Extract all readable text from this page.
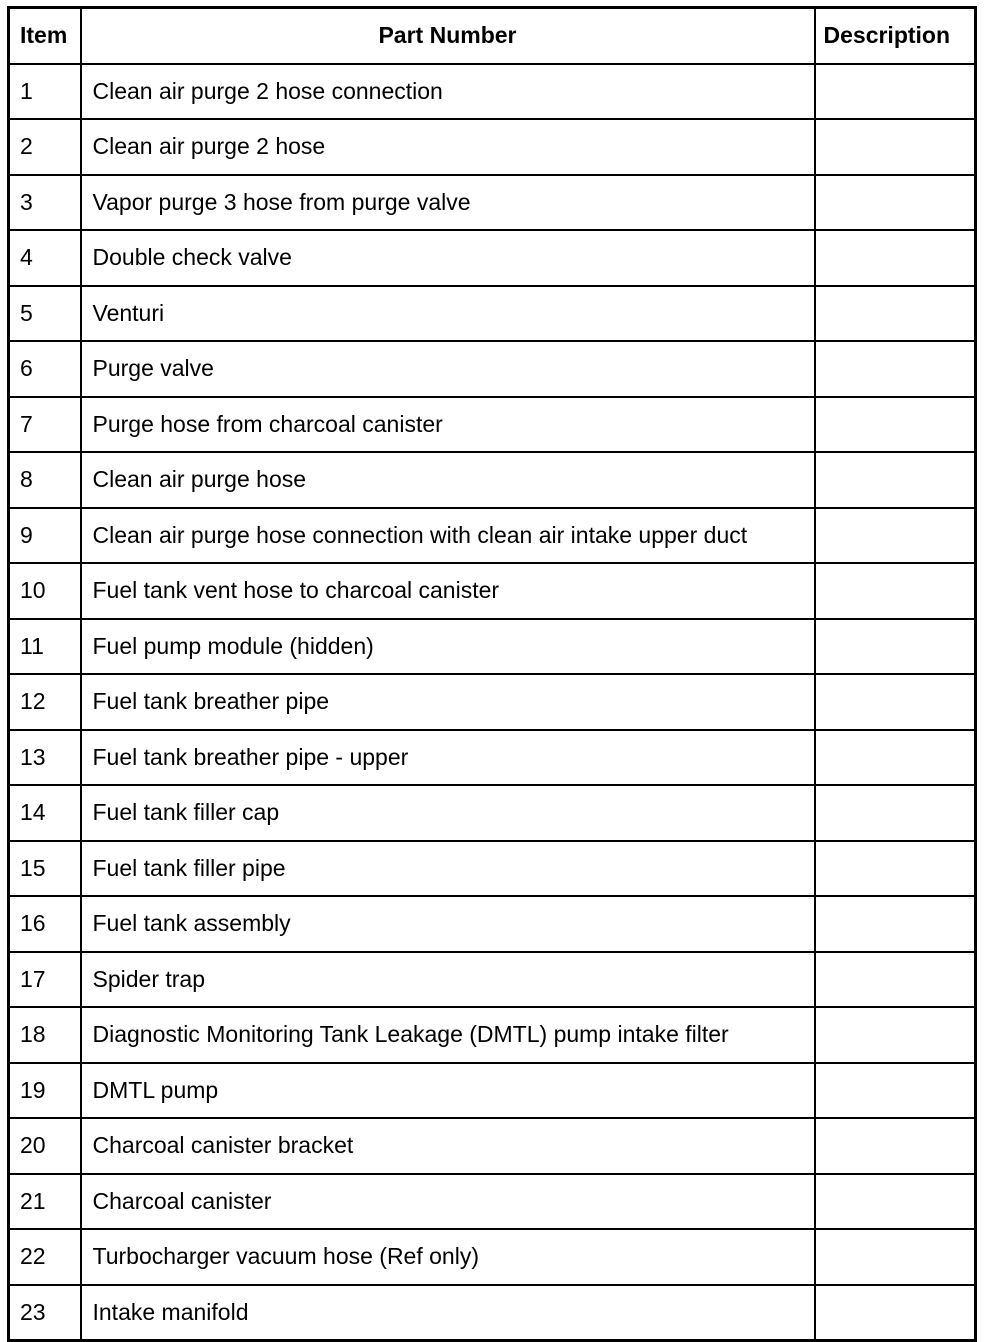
Item	Part Number	Description
1	Clean air purge 2 hose connection	
2	Clean air purge 2 hose	
3	Vapor purge 3 hose from purge valve	
4	Double check valve	
5	Venturi	
6	Purge valve	
7	Purge hose from charcoal canister	
8	Clean air purge hose	
9	Clean air purge hose connection with clean air intake upper duct	
10	Fuel tank vent hose to charcoal canister	
11	Fuel pump module (hidden)	
12	Fuel tank breather pipe	
13	Fuel tank breather pipe - upper	
14	Fuel tank filler cap	
15	Fuel tank filler pipe	
16	Fuel tank assembly	
17	Spider trap	
18	Diagnostic Monitoring Tank Leakage (DMTL) pump intake filter	
19	DMTL pump	
20	Charcoal canister bracket	
21	Charcoal canister	
22	Turbocharger vacuum hose (Ref only)	
23	Intake manifold	
